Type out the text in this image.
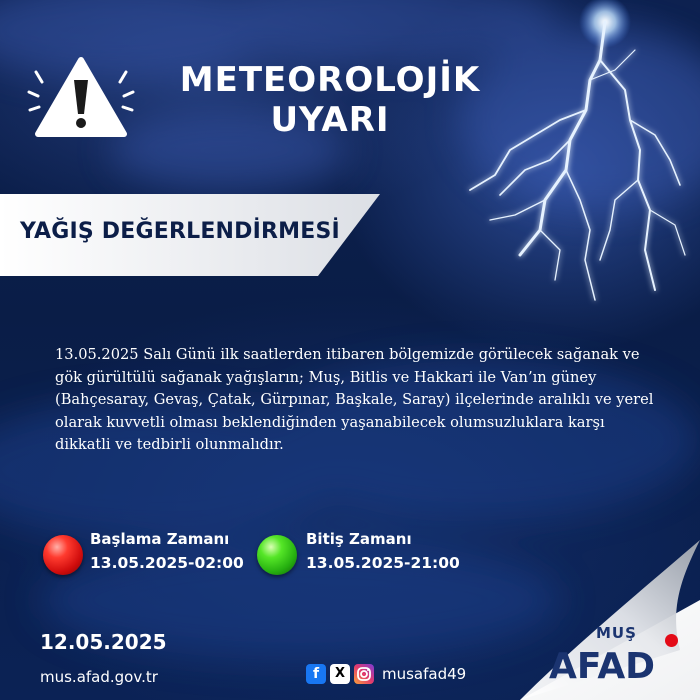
METEOROLOJİK
UYARI
YAĞIŞ DEĞERLENDİRMESİ
13.05.2025 Salı Günü ilk saatlerden itibaren bölgemizde görülecek sağanak ve gök gürültülü sağanak yağışların; Muş, Bitlis ve Hakkari ile Van’ın güney (Bahçesaray, Gevaş, Çatak, Gürpınar, Başkale, Saray) ilçelerinde aralıklı ve yerel olarak kuvvetli olması beklendiğinden yaşanabilecek olumsuzluklara karşı dikkatli ve tedbirli olunmalıdır.
Başlama Zamanı
13.05.2025-02:00
Bitiş Zamanı
13.05.2025-21:00
12.05.2025
mus.afad.gov.tr	f	X	musafad49
MUŞ
AFAD
